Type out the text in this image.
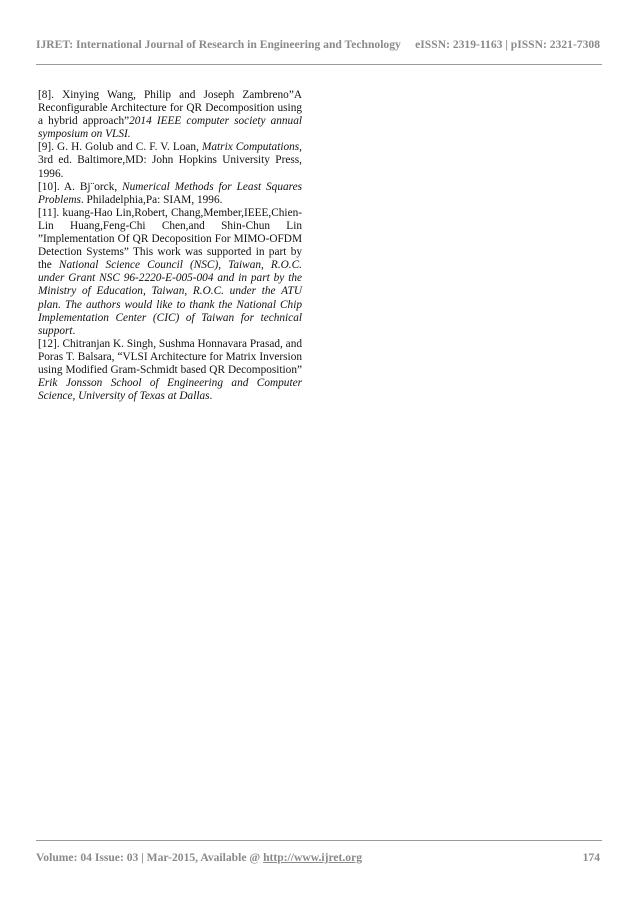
IJRET: International Journal of Research in Engineering and Technology eISSN: 2319-1163 | pISSN: 2321-7308

[8]. Xinying Wang, Philip and Joseph Zambreno”A Reconfigurable Architecture for QR Decomposition using a hybrid approach”2014 IEEE computer society annual symposium on VLSI.

[9]. G. H. Golub and C. F. V. Loan, Matrix Computations, 3rd ed. Baltimore,MD: John Hopkins University Press, 1996.

[10]. A. Bj¨orck, Numerical Methods for Least Squares Problems. Philadelphia,Pa: SIAM, 1996.

[11]. kuang-Hao Lin,Robert, Chang,Member,IEEE,Chien-Lin Huang,Feng-Chi Chen,and Shin-Chun Lin ”Implementation Of QR Decoposition For MIMO-OFDM Detection Systems” This work was supported in part by the National Science Council (NSC), Taiwan, R.O.C. under Grant NSC 96-2220-E-005-004 and in part by the Ministry of Education, Taiwan, R.O.C. under the ATU plan. The authors would like to thank the National Chip Implementation Center (CIC) of Taiwan for technical support.

[12]. Chitranjan K. Singh, Sushma Honnavara Prasad, and Poras T. Balsara, “VLSI Architecture for Matrix Inversion using Modified Gram-Schmidt based QR Decomposition” Erik Jonsson School of Engineering and Computer Science, University of Texas at Dallas.

Volume: 04 Issue: 03 | Mar-2015, Available @ http://www.ijret.org	174
